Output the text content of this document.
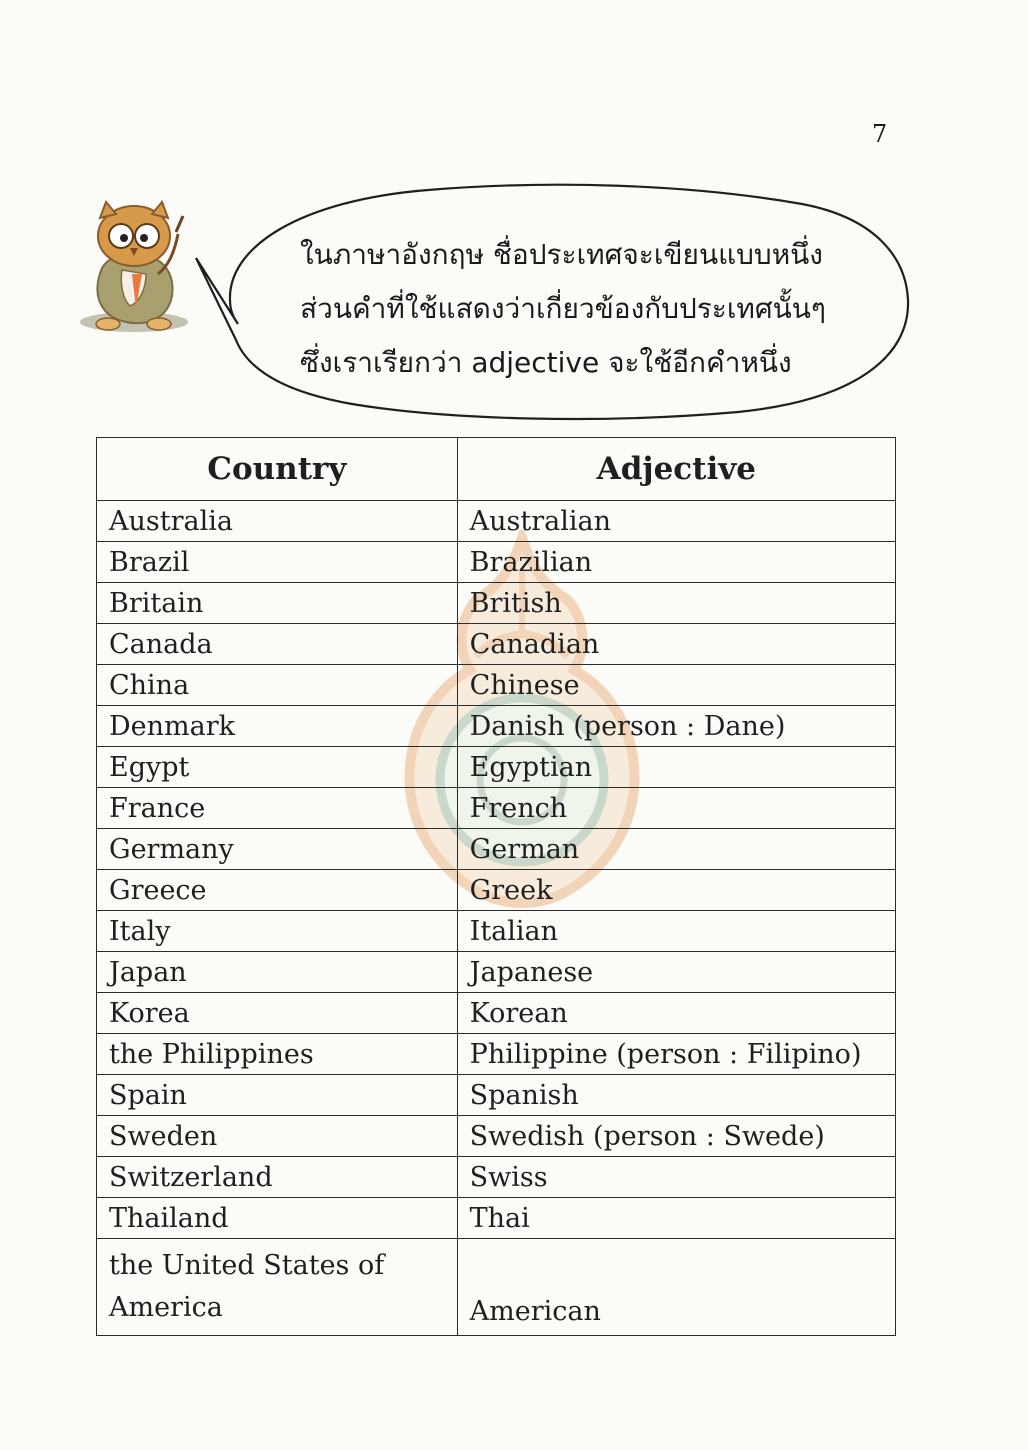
7
ในภาษาอังกฤษ ชื่อประเทศจะเขียนแบบหนึ่ง
ส่วนคำที่ใช้แสดงว่าเกี่ยวข้องกับประเทศนั้นๆ
ซึ่งเราเรียกว่า adjective จะใช้อีกคำหนึ่ง
Country	Adjective
Australia	Australian
Brazil	Brazilian
Britain	British
Canada	Canadian
China	Chinese
Denmark	Danish (person : Dane)
Egypt	Egyptian
France	French
Germany	German
Greece	Greek
Italy	Italian
Japan	Japanese
Korea	Korean
the Philippines	Philippine (person : Filipino)
Spain	Spanish
Sweden	Swedish (person : Swede)
Switzerland	Swiss
Thailand	Thai
the United States of America	American
